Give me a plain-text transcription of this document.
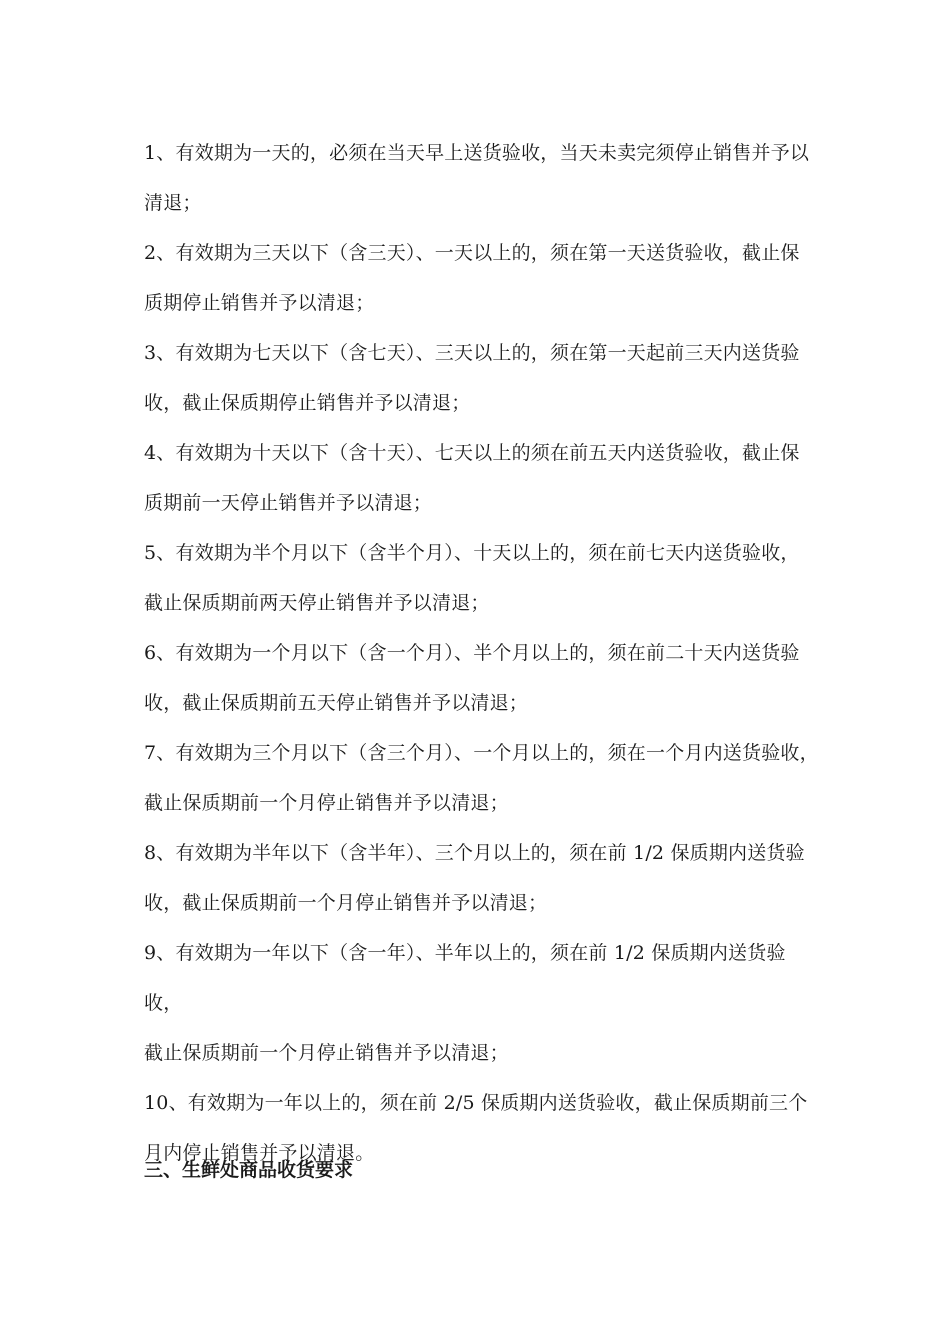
1、有效期为一天的，必须在当天早上送货验收，当天未卖完须停止销售并予以
清退；

2、有效期为三天以下（含三天）、一天以上的，须在第一天送货验收，截止保
质期停止销售并予以清退；

3、有效期为七天以下（含七天）、三天以上的，须在第一天起前三天内送货验
收，截止保质期停止销售并予以清退；

4、有效期为十天以下（含十天）、七天以上的须在前五天内送货验收，截止保
质期前一天停止销售并予以清退；

5、有效期为半个月以下（含半个月）、十天以上的，须在前七天内送货验收，
截止保质期前两天停止销售并予以清退；

6、有效期为一个月以下（含一个月）、半个月以上的，须在前二十天内送货验
收，截止保质期前五天停止销售并予以清退；

7、有效期为三个月以下（含三个月）、一个月以上的，须在一个月内送货验收，
截止保质期前一个月停止销售并予以清退；

8、有效期为半年以下（含半年）、三个月以上的，须在前 1/2 保质期内送货验
收，截止保质期前一个月停止销售并予以清退；

9、有效期为一年以下（含一年）、半年以上的，须在前 1/2 保质期内送货验收，
截止保质期前一个月停止销售并予以清退；

10、有效期为一年以上的，须在前 2/5 保质期内送货验收，截止保质期前三个
月内停止销售并予以清退。

三、生鲜处商品收货要求
